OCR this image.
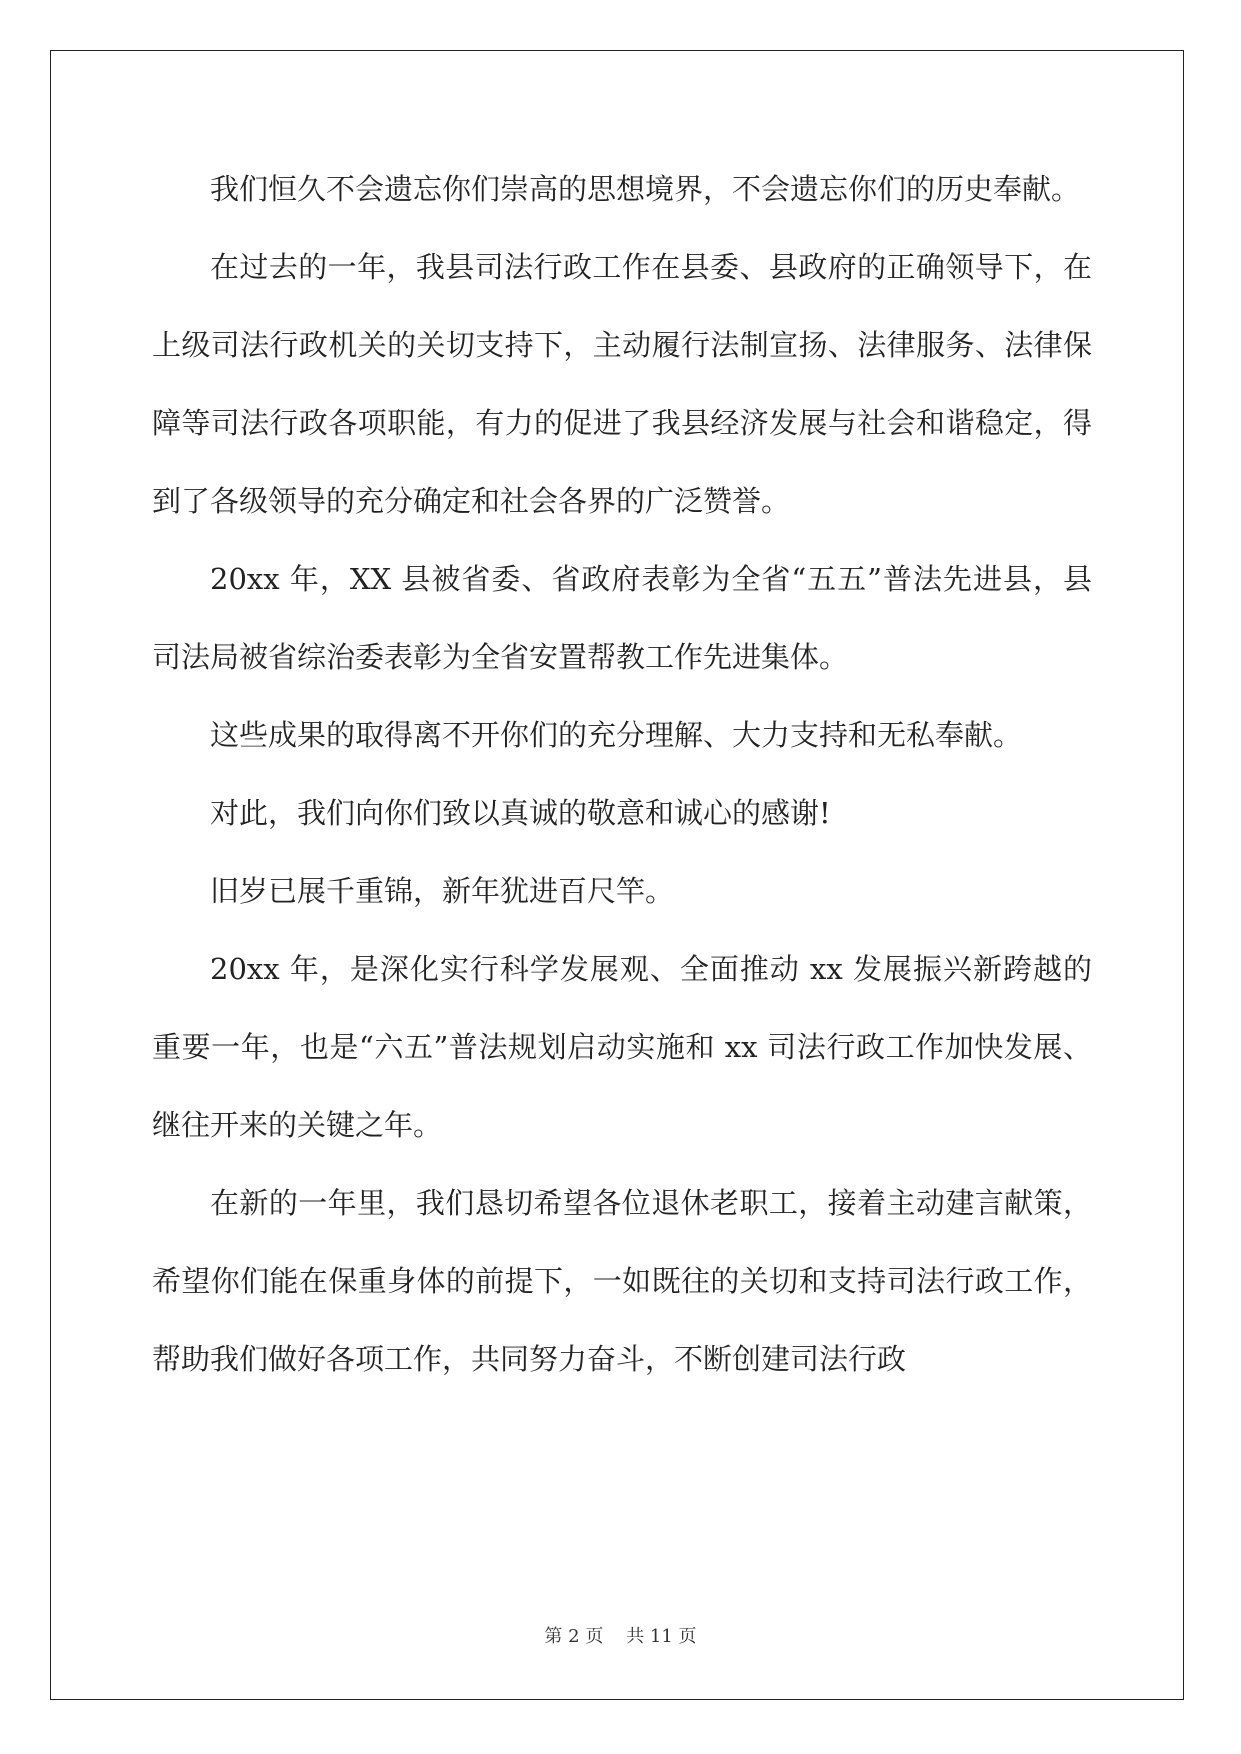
我们恒久不会遗忘你们崇高的思想境界，不会遗忘你们的历史奉献。

在过去的一年，我县司法行政工作在县委、县政府的正确领导下，在上级司法行政机关的关切支持下，主动履行法制宣扬、法律服务、法律保障等司法行政各项职能，有力的促进了我县经济发展与社会和谐稳定，得到了各级领导的充分确定和社会各界的广泛赞誉。

20xx 年，XX 县被省委、省政府表彰为全省“五五”普法先进县，县司法局被省综治委表彰为全省安置帮教工作先进集体。

这些成果的取得离不开你们的充分理解、大力支持和无私奉献。

对此，我们向你们致以真诚的敬意和诚心的感谢!

旧岁已展千重锦，新年犹进百尺竿。

20xx 年，是深化实行科学发展观、全面推动 xx 发展振兴新跨越的重要一年，也是“六五”普法规划启动实施和 xx 司法行政工作加快发展、继往开来的关键之年。

在新的一年里，我们恳切希望各位退休老职工，接着主动建言献策，希望你们能在保重身体的前提下，一如既往的关切和支持司法行政工作，帮助我们做好各项工作，共同努力奋斗，不断创建司法行政

第 2 页    共 11 页
